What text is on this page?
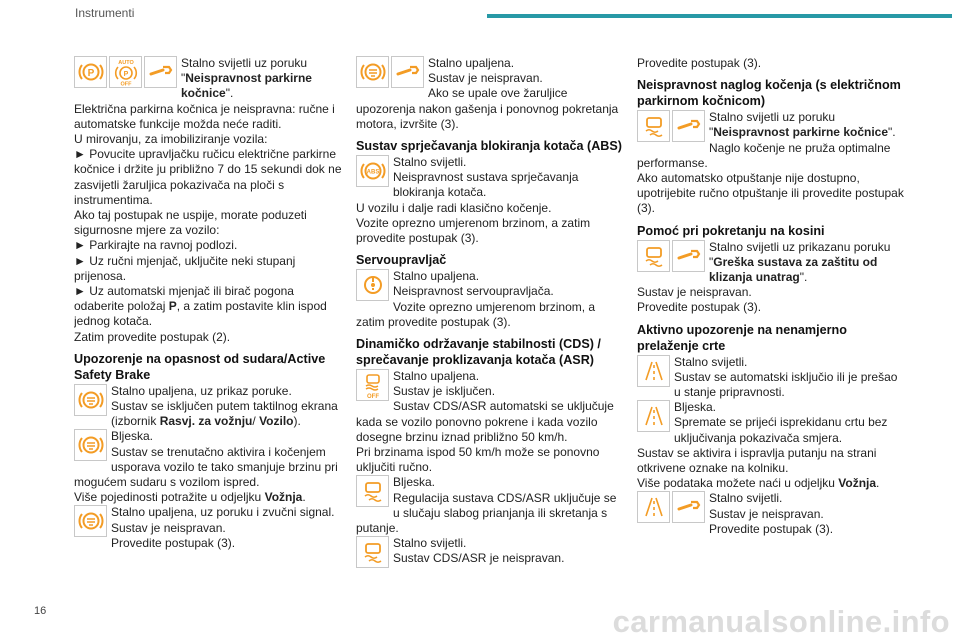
Instrumenti
P
AUTO
P
OFF

Stalno svijetli uz poruku "Neispravnost parkirne kočnice".

Električna parkirna kočnica je neispravna: ručne i automatske funkcije možda neće raditi.

U mirovanju, za imobiliziranje vozila:

► Povucite upravljačku ručicu električne parkirne kočnice i držite ju približno 7 do 15 sekundi dok ne zasvijetli žaruljica pokazivača na ploči s instrumentima.

Ako taj postupak ne uspije, morate poduzeti sigurnosne mjere za vozilo:

► Parkirajte na ravnoj podlozi.

► Uz ručni mjenjač, uključite neki stupanj prijenosa.

► Uz automatski mjenjač ili birač pogona odaberite položaj P, a zatim postavite klin ispod jednog kotača.

Zatim provedite postupak (2).

Upozorenje na opasnost od sudara/Active Safety Brake

Stalno upaljena, uz prikaz poruke.

Sustav se isključen putem taktilnog ekrana (izbornik Rasvj. za vožnju/ Vozilo).

Bljeska.

Sustav se trenutačno aktivira i kočenjem usporava vozilo te tako smanjuje brzinu pri mogućem sudaru s vozilom ispred.

Više pojedinosti potražite u odjeljku Vožnja.

Stalno upaljena, uz poruku i zvučni signal.

Sustav je neispravan.

Provedite postupak (3).

Stalno upaljena.

Sustav je neispravan.

Ako se upale ove žaruljice upozorenja nakon gašenja i ponovnog pokretanja motora, izvršite (3).

Sustav sprječavanja blokiranja kotača (ABS)
ABS

Stalno svijetli.

Neispravnost sustava sprječavanja blokiranja kotača.

U vozilu i dalje radi klasično kočenje.

Vozite oprezno umjerenom brzinom, a zatim provedite postupak (3).

Servoupravljač

Stalno upaljena.

Neispravnost servoupravljača.

Vozite oprezno umjerenom brzinom, a zatim provedite postupak (3).

Dinamičko održavanje stabilnosti (CDS) / sprečavanje proklizavanja kotača (ASR)
OFF

Stalno upaljena.

Sustav je isključen.

Sustav CDS/ASR automatski se uključuje kada se vozilo ponovno pokrene i kada vozilo dosegne brzinu iznad približno 50 km/h.

Pri brzinama ispod 50 km/h može se ponovno uključiti ručno.

Bljeska.

Regulacija sustava CDS/ASR uključuje se u slučaju slabog prianjanja ili skretanja s putanje.

Stalno svijetli.

Sustav CDS/ASR je neispravan.

Provedite postupak (3).

Neispravnost naglog kočenja (s električnom parkirnom kočnicom)

Stalno svijetli uz poruku "Neispravnost parkirne kočnice".

Naglo kočenje ne pruža optimalne performanse.

Ako automatsko otpuštanje nije dostupno, upotrijebite ručno otpuštanje ili provedite postupak (3).

Pomoć pri pokretanju na kosini

Stalno svijetli uz prikazanu poruku "Greška sustava za zaštitu od klizanja unatrag".

Sustav je neispravan.

Provedite postupak (3).

Aktivno upozorenje na nenamjerno prelaženje crte

Stalno svijetli.

Sustav se automatski isključio ili je prešao u stanje pripravnosti.

Bljeska.

Spremate se prijeći isprekidanu crtu bez uključivanja pokazivača smjera.

Sustav se aktivira i ispravlja putanju na strani otkrivene oznake na kolniku.

Više podataka možete naći u odjeljku Vožnja.

Stalno svijetli.

Sustav je neispravan.

Provedite postupak (3).

16	carmanualsonline.info
